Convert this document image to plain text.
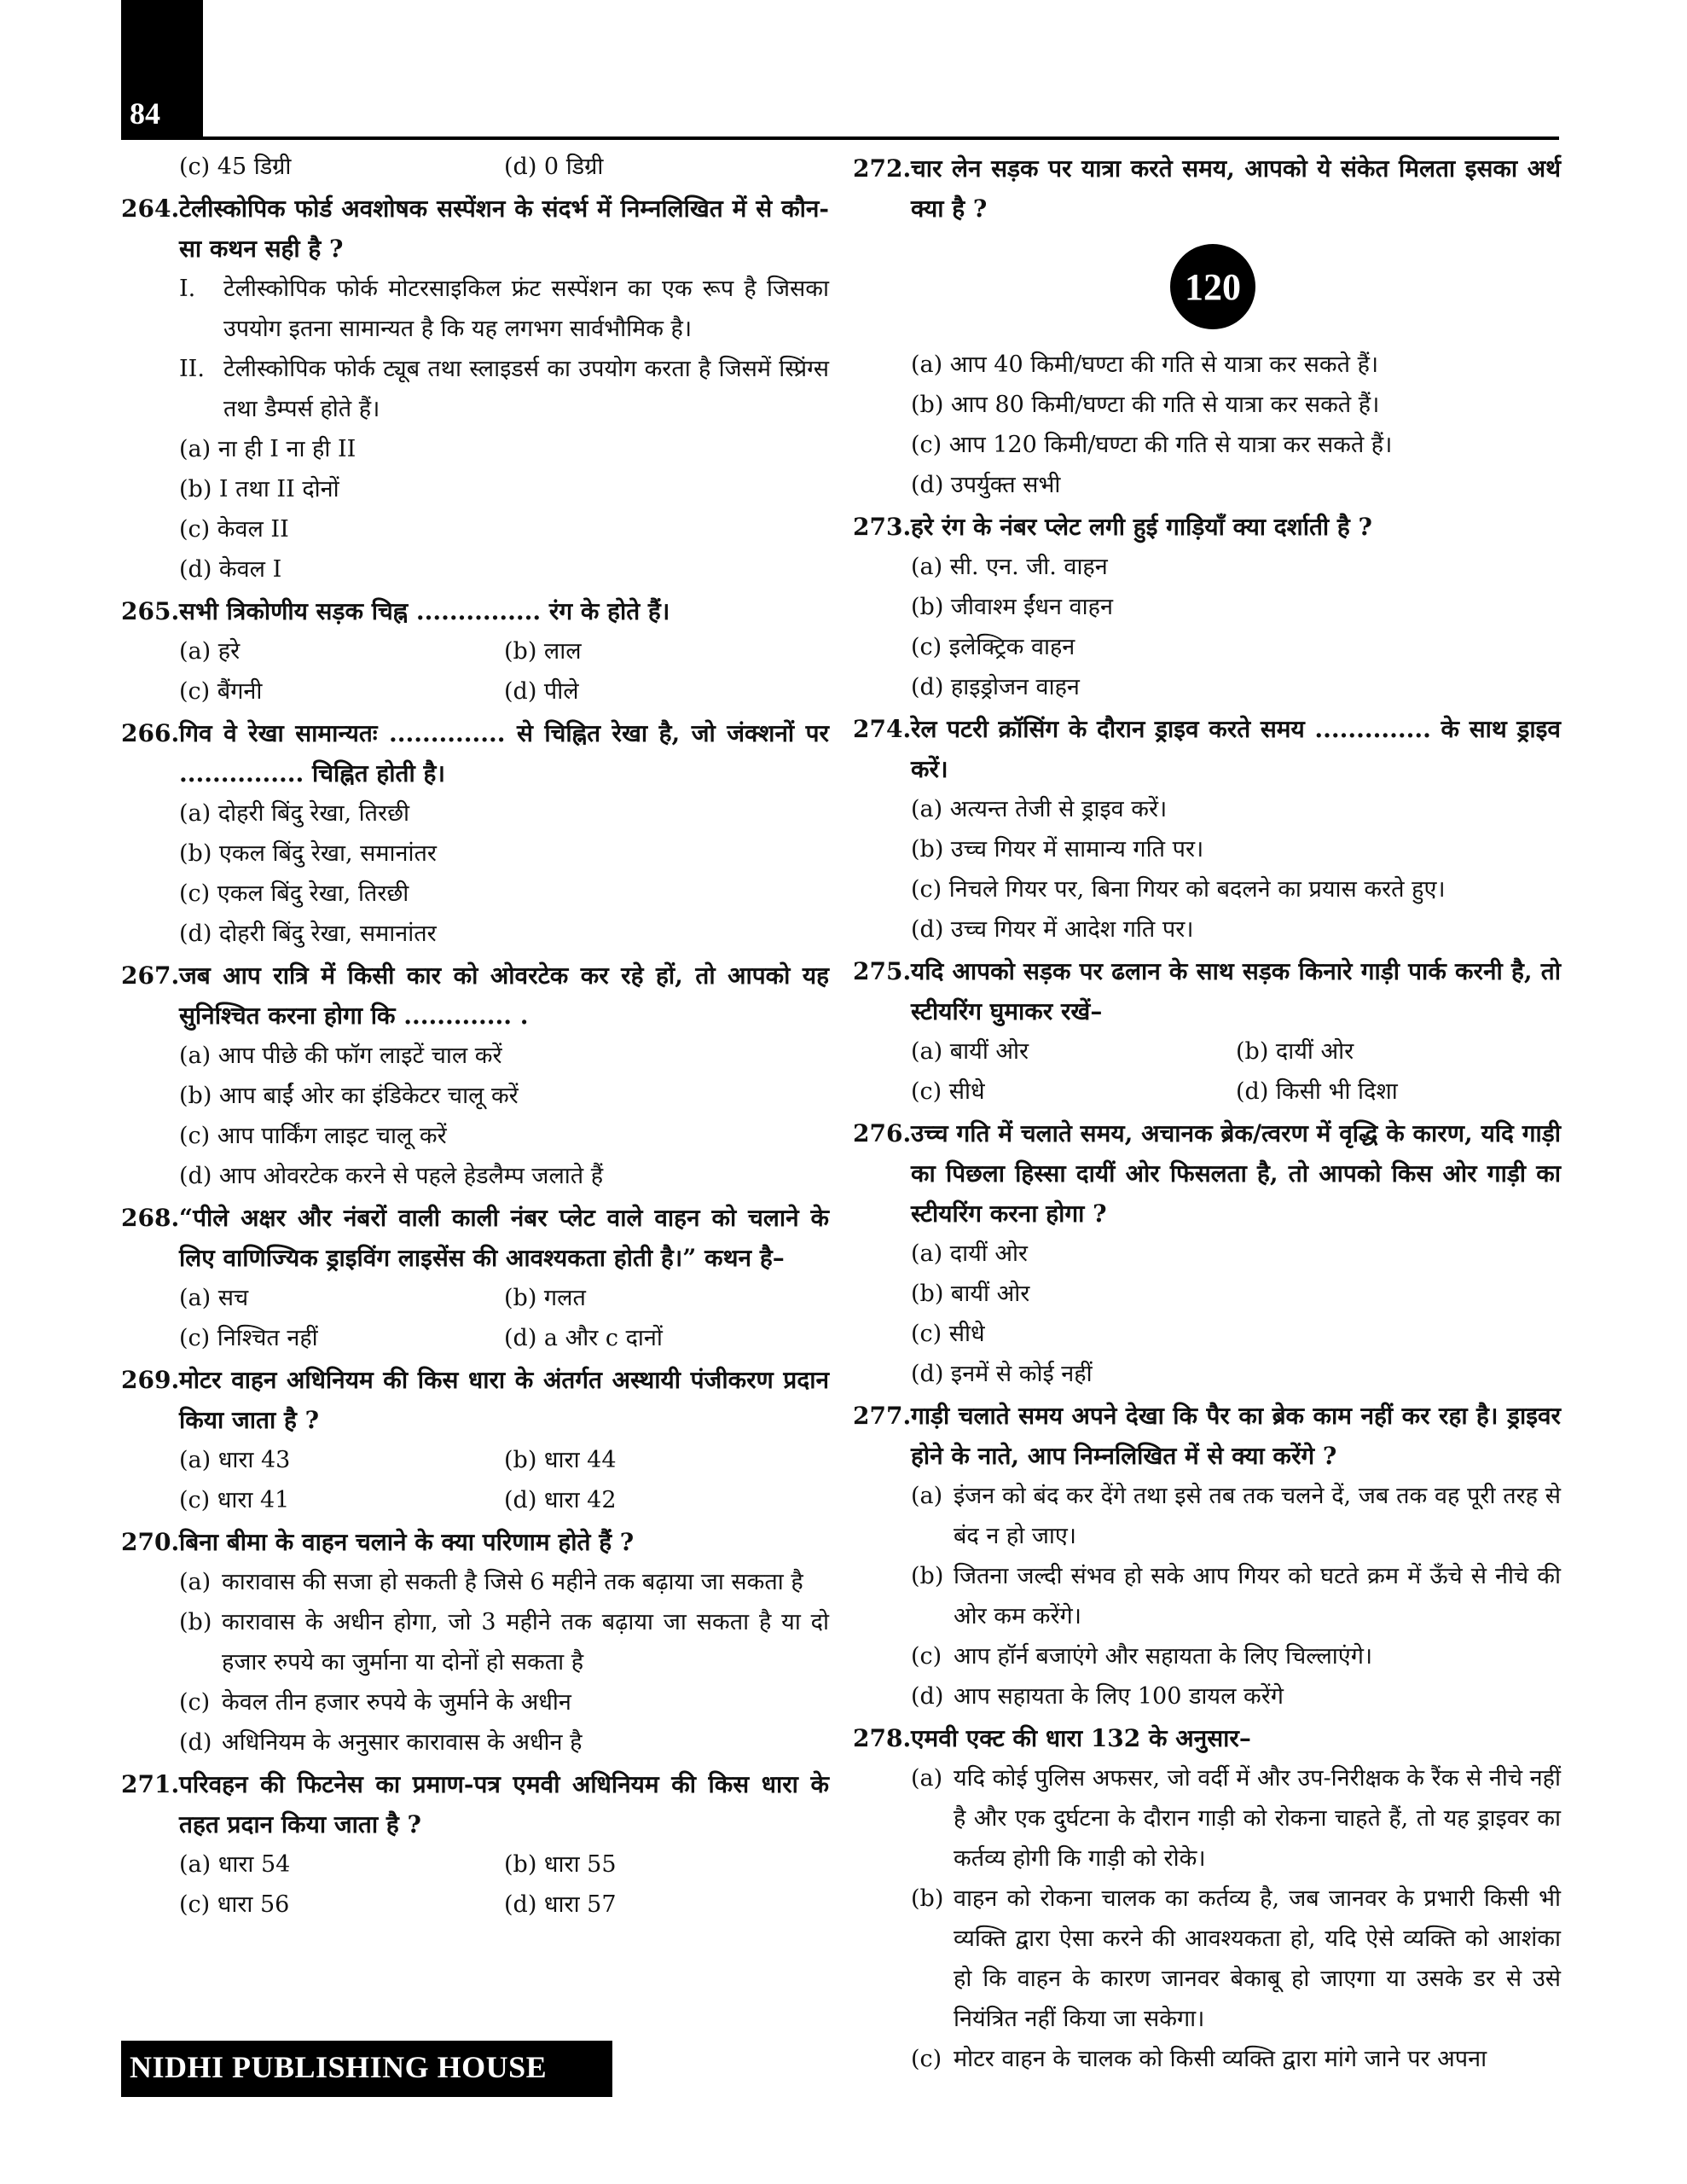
84
(c) 45 डिग्री	(d) 0 डिग्री
264. टेलीस्कोपिक फोर्ड अवशोषक सस्पेंशन के संदर्भ में निम्नलिखित में से कौन-सा कथन सही है ?
I.	टेलीस्कोपिक फोर्क मोटरसाइकिल फ्रंट सस्पेंशन का एक रूप है जिसका उपयोग इतना सामान्यत है कि यह लगभग सार्वभौमिक है।
II. टेलीस्कोपिक फोर्क ट्यूब तथा स्लाइडर्स का उपयोग करता है जिसमें स्प्रिंग्स तथा डैम्पर्स होते हैं।
(a) ना ही I ना ही II
(b) I तथा II दोनों
(c) केवल II
(d) केवल I
265. सभी त्रिकोणीय सड़क चिह्न ............... रंग के होते हैं।
(a) हरे	(b) लाल
(c) बैंगनी	(d) पीले
266. गिव वे रेखा सामान्यतः .............. से चिह्नित रेखा है, जो जंक्शनों पर ............... चिह्नित होती है।
(a) दोहरी बिंदु रेखा, तिरछी
(b) एकल बिंदु रेखा, समानांतर
(c) एकल बिंदु रेखा, तिरछी
(d) दोहरी बिंदु रेखा, समानांतर
267. जब आप रात्रि में किसी कार को ओवरटेक कर रहे हों, तो आपको यह सुनिश्चित करना होगा कि ............. .
(a) आप पीछे की फॉग लाइटें चाल करें
(b) आप बाईं ओर का इंडिकेटर चालू करें
(c) आप पार्किंग लाइट चालू करें
(d) आप ओवरटेक करने से पहले हेडलैम्प जलाते हैं
268. “पीले अक्षर और नंबरों वाली काली नंबर प्लेट वाले वाहन को चलाने के लिए वाणिज्यिक ड्राइविंग लाइसेंस की आवश्यकता होती है।” कथन है–
(a) सच	(b) गलत
(c) निश्चित नहीं	(d) a और c दानों
269. मोटर वाहन अधिनियम की किस धारा के अंतर्गत अस्थायी पंजीकरण प्रदान किया जाता है ?
(a) धारा 43	(b) धारा 44
(c) धारा 41	(d) धारा 42
270. बिना बीमा के वाहन चलाने के क्या परिणाम होते हैं ?
(a) कारावास की सजा हो सकती है जिसे 6 महीने तक बढ़ाया जा सकता है
(b) कारावास के अधीन होगा, जो 3 महीने तक बढ़ाया जा सकता है या दो हजार रुपये का जुर्माना या दोनों हो सकता है
(c) केवल तीन हजार रुपये के जुर्माने के अधीन
(d) अधिनियम के अनुसार कारावास के अधीन है
271. परिवहन की फिटनेस का प्रमाण-पत्र एमवी अधिनियम की किस धारा के तहत प्रदान किया जाता है ?
(a) धारा 54	(b) धारा 55
(c) धारा 56	(d) धारा 57
272. चार लेन सड़क पर यात्रा करते समय, आपको ये संकेत मिलता इसका अर्थ क्या है ?
120
(a) आप 40 किमी/घण्टा की गति से यात्रा कर सकते हैं।
(b) आप 80 किमी/घण्टा की गति से यात्रा कर सकते हैं।
(c) आप 120 किमी/घण्टा की गति से यात्रा कर सकते हैं।
(d) उपर्युक्त सभी
273. हरे रंग के नंबर प्लेट लगी हुई गाड़ियाँ क्या दर्शाती है ?
(a) सी. एन. जी. वाहन
(b) जीवाश्म ईंधन वाहन
(c) इलेक्ट्रिक वाहन
(d) हाइड्रोजन वाहन
274. रेल पटरी क्रॉसिंग के दौरान ड्राइव करते समय .............. के साथ ड्राइव करें।
(a) अत्यन्त तेजी से ड्राइव करें।
(b) उच्च गियर में सामान्य गति पर।
(c) निचले गियर पर, बिना गियर को बदलने का प्रयास करते हुए।
(d) उच्च गियर में आदेश गति पर।
275. यदि आपको सड़क पर ढलान के साथ सड़क किनारे गाड़ी पार्क करनी है, तो स्टीयरिंग घुमाकर रखें–
(a) बायीं ओर	(b) दायीं ओर
(c) सीधे	(d) किसी भी दिशा
276. उच्च गति में चलाते समय, अचानक ब्रेक/त्वरण में वृद्धि के कारण, यदि गाड़ी का पिछला हिस्सा दायीं ओर फिसलता है, तो आपको किस ओर गाड़ी का स्टीयरिंग करना होगा ?
(a) दायीं ओर
(b) बायीं ओर
(c) सीधे
(d) इनमें से कोई नहीं
277. गाड़ी चलाते समय अपने देखा कि पैर का ब्रेक काम नहीं कर रहा है। ड्राइवर होने के नाते, आप निम्नलिखित में से क्या करेंगे ?
(a) इंजन को बंद कर देंगे तथा इसे तब तक चलने दें, जब तक वह पूरी तरह से बंद न हो जाए।
(b) जितना जल्दी संभव हो सके आप गियर को घटते क्रम में ऊँचे से नीचे की ओर कम करेंगे।
(c) आप हॉर्न बजाएंगे और सहायता के लिए चिल्लाएंगे।
(d) आप सहायता के लिए 100 डायल करेंगे
278. एमवी एक्ट की धारा 132 के अनुसार–
(a) यदि कोई पुलिस अफसर, जो वर्दी में और उप-निरीक्षक के रैंक से नीचे नहीं है और एक दुर्घटना के दौरान गाड़ी को रोकना चाहते हैं, तो यह ड्राइवर का कर्तव्य होगी कि गाड़ी को रोके।
(b) वाहन को रोकना चालक का कर्तव्य है, जब जानवर के प्रभारी किसी भी व्यक्ति द्वारा ऐसा करने की आवश्यकता हो, यदि ऐसे व्यक्ति को आशंका हो कि वाहन के कारण जानवर बेकाबू हो जाएगा या उसके डर से उसे नियंत्रित नहीं किया जा सकेगा।
(c) मोटर वाहन के चालक को किसी व्यक्ति द्वारा मांगे जाने पर अपना
NIDHI PUBLISHING HOUSE
